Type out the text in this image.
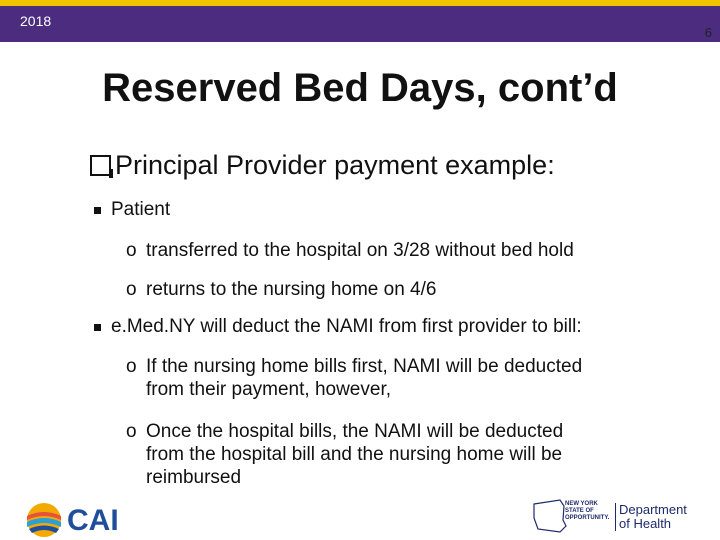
2018
6
Reserved Bed Days, cont’d
Principal Provider payment example:
Patient
o transferred to the hospital on 3/28 without bed hold
o returns to the nursing home on 4/6
e.Med.NY will deduct the NAMI from first provider to bill:
o If the nursing home bills first, NAMI will be deducted
from their payment, however,
o Once the hospital bills, the NAMI will be deducted
from the hospital bill and the nursing home will be
reimbursed
CAI	NEW YORK
STATE OF
OPPORTUNITY.
Department
of Health
